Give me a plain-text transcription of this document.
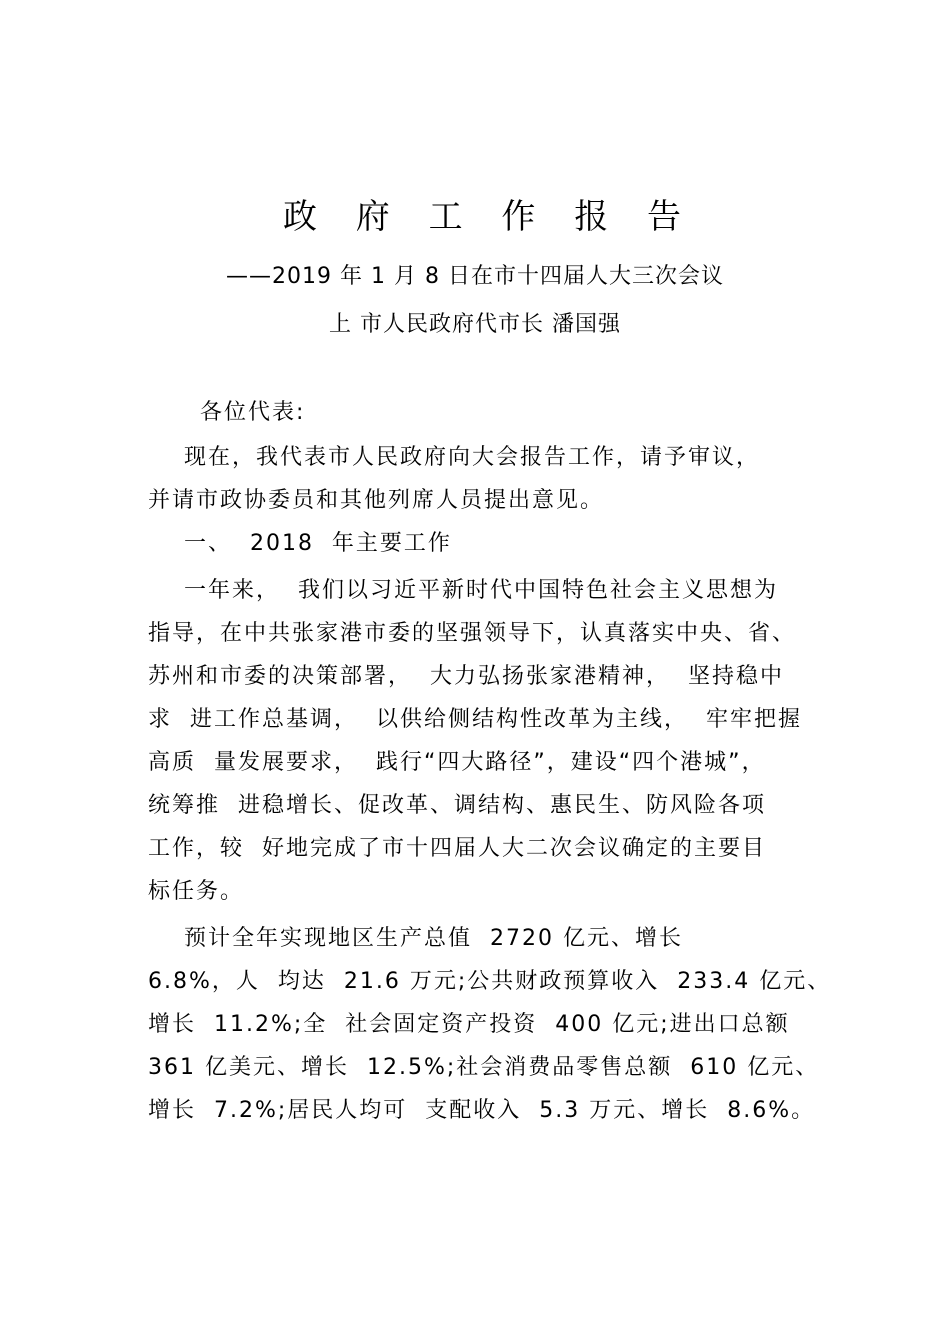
政 府 工 作 报 告
——2019 年 1 月 8 日在市十四届人大三次会议
上 市人民政府代市长 潘国强

各位代表:

现在，我代表市人民政府向大会报告工作，请予审议，

并请市政协委员和其他列席人员提出意见。

一、  2018  年主要工作

一年来，  我们以习近平新时代中国特色社会主义思想为

指导，在中共张家港市委的坚强领导下，认真落实中央、省、

苏州和市委的决策部署，  大力弘扬张家港精神，  坚持稳中

求  进工作总基调，  以供给侧结构性改革为主线，  牢牢把握

高质  量发展要求，  践行“四大路径”，建设“四个港城”，

统筹推  进稳增长、促改革、调结构、惠民生、防风险各项

工作，较  好地完成了市十四届人大二次会议确定的主要目

标任务。

预计全年实现地区生产总值  2720 亿元、增长

6.8%，人  均达  21.6 万元;公共财政预算收入  233.4 亿元、

增长  11.2%;全  社会固定资产投资  400 亿元;进出口总额

361 亿美元、增长  12.5%;社会消费品零售总额  610 亿元、

增长  7.2%;居民人均可  支配收入  5.3 万元、增长  8.6%。
